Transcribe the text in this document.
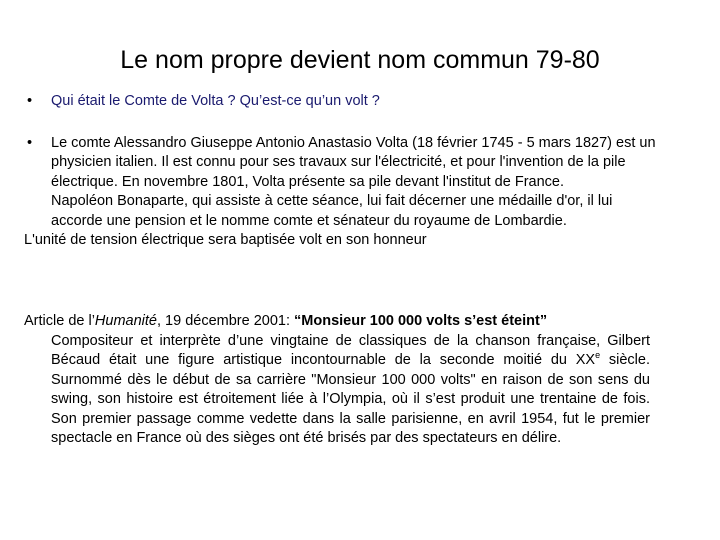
Le nom propre devient nom commun 79-80
• Qui était le Comte de Volta ? Qu’est-ce qu’un volt ?
• Le comte Alessandro Giuseppe Antonio Anastasio Volta (18 février 1745 - 5 mars 1827) est un physicien italien. Il est connu pour ses travaux sur l'électricité, et pour l'invention de la pile électrique. En novembre 1801, Volta présente sa pile devant l'institut de France.

Napoléon Bonaparte, qui assiste à cette séance, lui fait décerner une médaille d'or, il lui accorde une pension et le nomme comte et sénateur du royaume de Lombardie.

L'unité de tension électrique sera baptisée volt en son honneur

Article de l’Humanité, 19 décembre 2001: “Monsieur 100 000 volts s’est éteint”
Compositeur et interprète d’une vingtaine de classiques de la chanson française, Gilbert Bécaud était une figure artistique incontournable de la seconde moitié du XXe siècle. Surnommé dès le début de sa carrière "Monsieur 100 000 volts" en raison de son sens du swing, son histoire est étroitement liée à l’Olympia, où il s’est produit une trentaine de fois. Son premier passage comme vedette dans la salle parisienne, en avril 1954, fut le premier spectacle en France où des sièges ont été brisés par des spectateurs en délire.
